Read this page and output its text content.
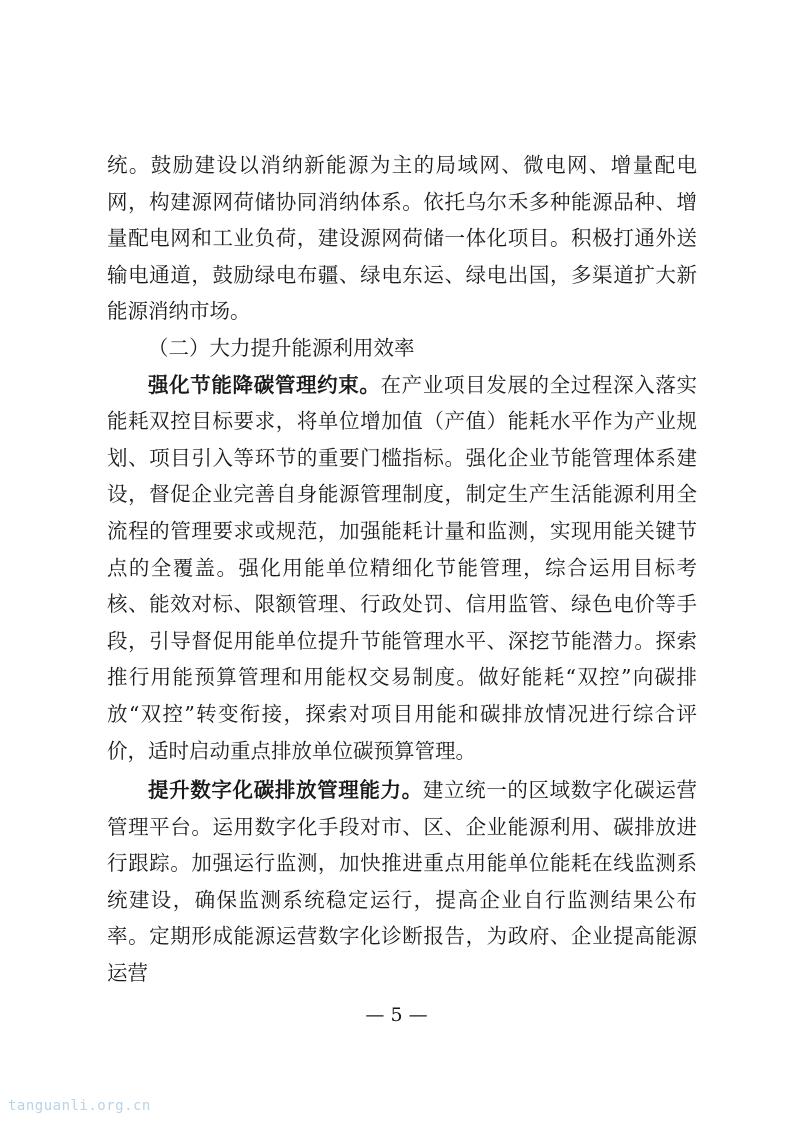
统。鼓励建设以消纳新能源为主的局域网、微电网、增量配电网，构建源网荷储协同消纳体系。依托乌尔禾多种能源品种、增量配电网和工业负荷，建设源网荷储一体化项目。积极打通外送输电通道，鼓励绿电布疆、绿电东运、绿电出国，多渠道扩大新能源消纳市场。

（二）大力提升能源利用效率

强化节能降碳管理约束。在产业项目发展的全过程深入落实能耗双控目标要求，将单位增加值（产值）能耗水平作为产业规划、项目引入等环节的重要门槛指标。强化企业节能管理体系建设，督促企业完善自身能源管理制度，制定生产生活能源利用全流程的管理要求或规范，加强能耗计量和监测，实现用能关键节点的全覆盖。强化用能单位精细化节能管理，综合运用目标考核、能效对标、限额管理、行政处罚、信用监管、绿色电价等手段，引导督促用能单位提升节能管理水平、深挖节能潜力。探索推行用能预算管理和用能权交易制度。做好能耗“双控”向碳排放“双控”转变衔接，探索对项目用能和碳排放情况进行综合评价，适时启动重点排放单位碳预算管理。

提升数字化碳排放管理能力。建立统一的区域数字化碳运营管理平台。运用数字化手段对市、区、企业能源利用、碳排放进行跟踪。加强运行监测，加快推进重点用能单位能耗在线监测系统建设，确保监测系统稳定运行，提高企业自行监测结果公布率。定期形成能源运营数字化诊断报告，为政府、企业提高能源运营

— 5 —
tanguanli.org.cn
